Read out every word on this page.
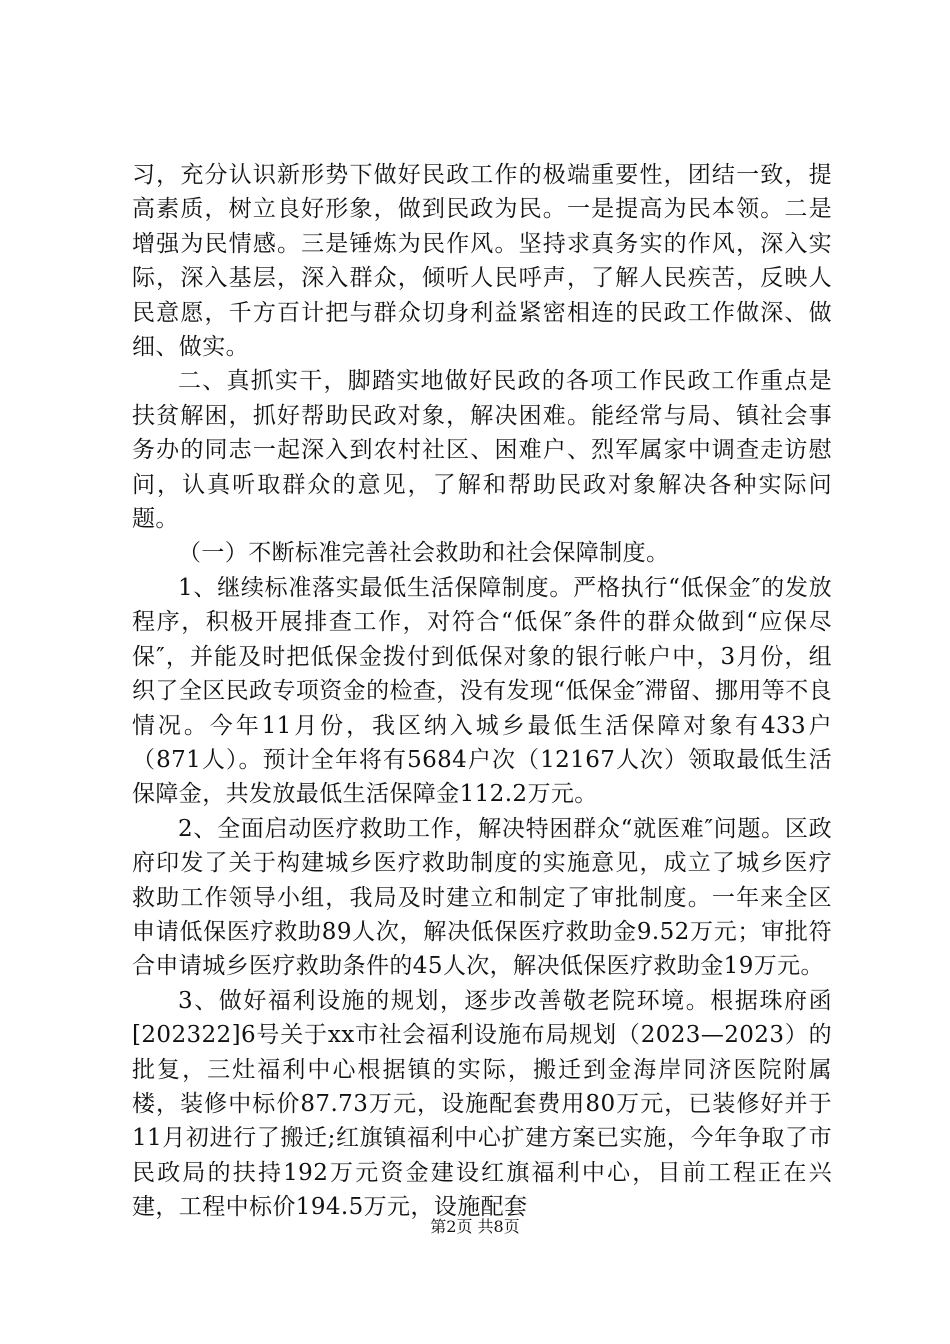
习，充分认识新形势下做好民政工作的极端重要性，团结一致，提高素质，树立良好形象，做到民政为民。一是提高为民本领。二是增强为民情感。三是锤炼为民作风。坚持求真务实的作风，深入实际，深入基层，深入群众，倾听人民呼声，了解人民疾苦，反映人民意愿，千方百计把与群众切身利益紧密相连的民政工作做深、做细、做实。

二、真抓实干，脚踏实地做好民政的各项工作民政工作重点是扶贫解困，抓好帮助民政对象，解决困难。能经常与局、镇社会事务办的同志一起深入到农村社区、困难户、烈军属家中调查走访慰问，认真听取群众的意见，了解和帮助民政对象解决各种实际问题。

（一）不断标准完善社会救助和社会保障制度。

1、继续标准落实最低生活保障制度。严格执行“低保金″的发放程序，积极开展排查工作，对符合“低保″条件的群众做到“应保尽保″，并能及时把低保金拨付到低保对象的银行帐户中，3月份，组织了全区民政专项资金的检查，没有发现“低保金″滞留、挪用等不良情况。今年11月份，我区纳入城乡最低生活保障对象有433户（871人）。预计全年将有5684户次（12167人次）领取最低生活保障金，共发放最低生活保障金112.2万元。

2、全面启动医疗救助工作，解决特困群众“就医难″问题。区政府印发了关于构建城乡医疗救助制度的实施意见，成立了城乡医疗救助工作领导小组，我局及时建立和制定了审批制度。一年来全区申请低保医疗救助89人次，解决低保医疗救助金9.52万元；审批符合申请城乡医疗救助条件的45人次，解决低保医疗救助金19万元。

3、做好福利设施的规划，逐步改善敬老院环境。根据珠府函[202322]6号关于xx市社会福利设施布局规划（2023—2023）的批复，三灶福利中心根据镇的实际，搬迁到金海岸同济医院附属楼，装修中标价87.73万元，设施配套费用80万元，已装修好并于11月初进行了搬迁;红旗镇福利中心扩建方案已实施，今年争取了市民政局的扶持192万元资金建设红旗福利中心，目前工程正在兴建，工程中标价194.5万元，设施配套

第2页 共8页
